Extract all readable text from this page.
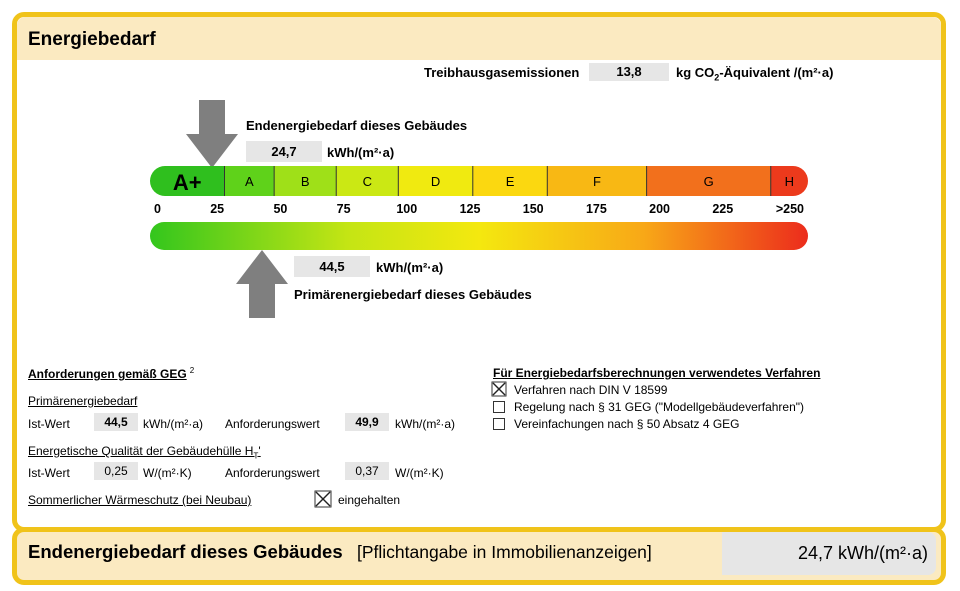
Energiebedarf
Treibhausgasemissionen	13,8	kg $CO_2$-Äquivalent /(m²·a)
Endenergiebedarf dieses Gebäudes
24,7	kWh/(m²·a)
A+	A	B	C	D	E	F	G	H
0	25	50	75	100	125	150	175	200	225	>250
44,5	kWh/(m²·a)
Primärenergiebedarf dieses Gebäudes
Anforderungen gemäß GEG $^2$
Primärenergiebedarf
Ist-Wert	44,5	kWh/(m²·a) Anforderungswert	49,9	kWh/(m²·a)
Energetische Qualität der Gebäudehülle $H_T'$
Ist-Wert	0,25	W/(m²·K)	Anforderungswert	0,37	W/(m²·K)
Sommerlicher Wärmeschutz (bei Neubau)	eingehalten
Für Energiebedarfsberechnungen verwendetes Verfahren
Verfahren nach DIN V 18599
Regelung nach § 31 GEG ("Modellgebäudeverfahren")
Vereinfachungen nach § 50 Absatz 4 GEG
Endenergiebedarf dieses Gebäudes [Pflichtangabe in Immobilienanzeigen]	24,7 kWh/(m²·a)
